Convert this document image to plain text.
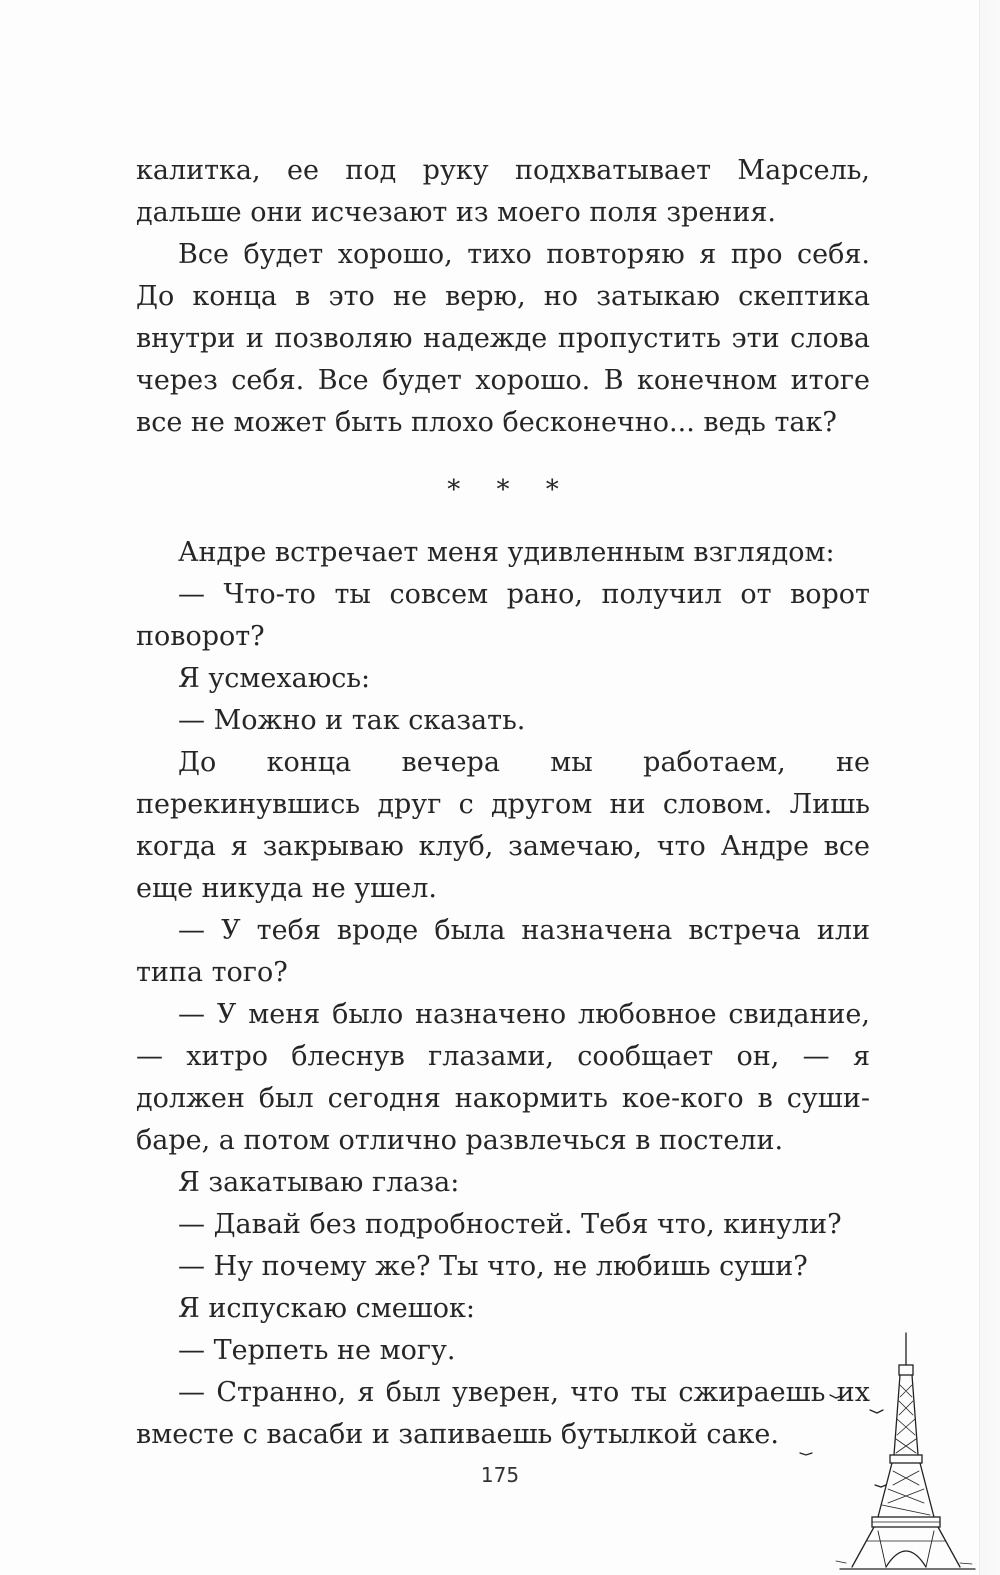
калитка, ее под руку подхватывает Марсель, дальше они исчезают из моего поля зрения.

Все будет хорошо, тихо повторяю я про себя. До конца в это не верю, но затыкаю скептика внутри и позволяю надежде пропустить эти слова через себя. Все будет хорошо. В конечном итоге все не может быть плохо бесконечно... ведь так?

* * *

Андре встречает меня удивленным взглядом:

— Что-то ты совсем рано, получил от ворот поворот?

Я усмехаюсь:

— Можно и так сказать.

До конца вечера мы работаем, не перекинувшись друг с другом ни словом. Лишь когда я закрываю клуб, замечаю, что Андре все еще никуда не ушел.

— У тебя вроде была назначена встреча или типа того?

— У меня было назначено любовное свидание, — хитро блеснув глазами, сообщает он, — я должен был сегодня накормить кое-кого в суши-баре, а потом отлично развлечься в постели.

Я закатываю глаза:

— Давай без подробностей. Тебя что, кинули?

— Ну почему же? Ты что, не любишь суши?

Я испускаю смешок:

— Терпеть не могу.

— Странно, я был уверен, что ты сжираешь их вместе с васаби и запиваешь бутылкой саке.

175
